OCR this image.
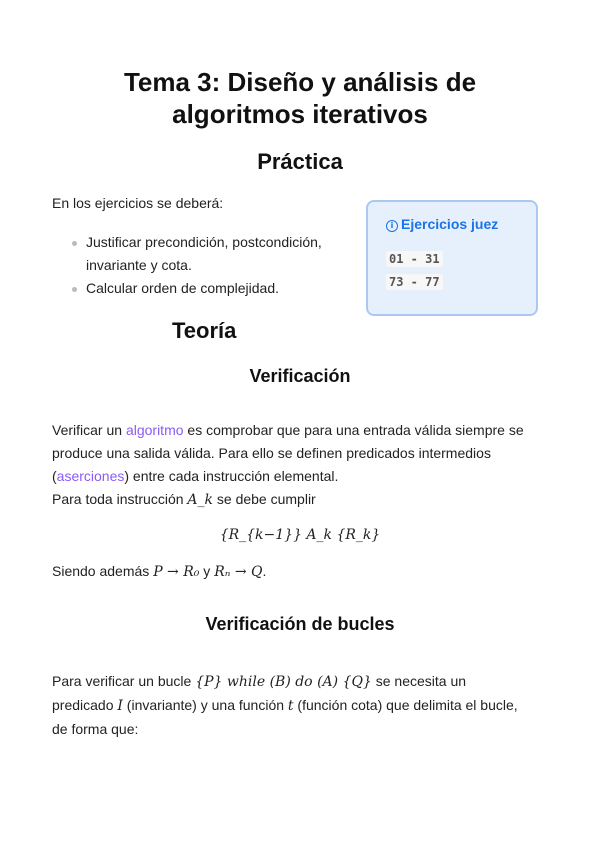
Tema 3: Diseño y análisis de
algoritmos iterativos
Práctica

En los ejercicios se deberá:

Justificar precondición, postcondición, invariante y cota.
Calcular orden de complejidad.
i Ejercicios juez
01 - 31
73 - 77
Teoría
Verificación

Verificar un algoritmo es comprobar que para una entrada válida siempre se produce una salida válida. Para ello se definen predicados intermedios (aserciones) entre cada instrucción elemental.
Para toda instrucción A_k se debe cumplir

{R_{k−1}} A_k {R_k}

Siendo además P → R₀ y Rₙ → Q.

Verificación de bucles

Para verificar un bucle {P} while (B) do (A) {Q} se necesita un predicado I (invariante) y una función t (función cota) que delimita el bucle, de forma que:
